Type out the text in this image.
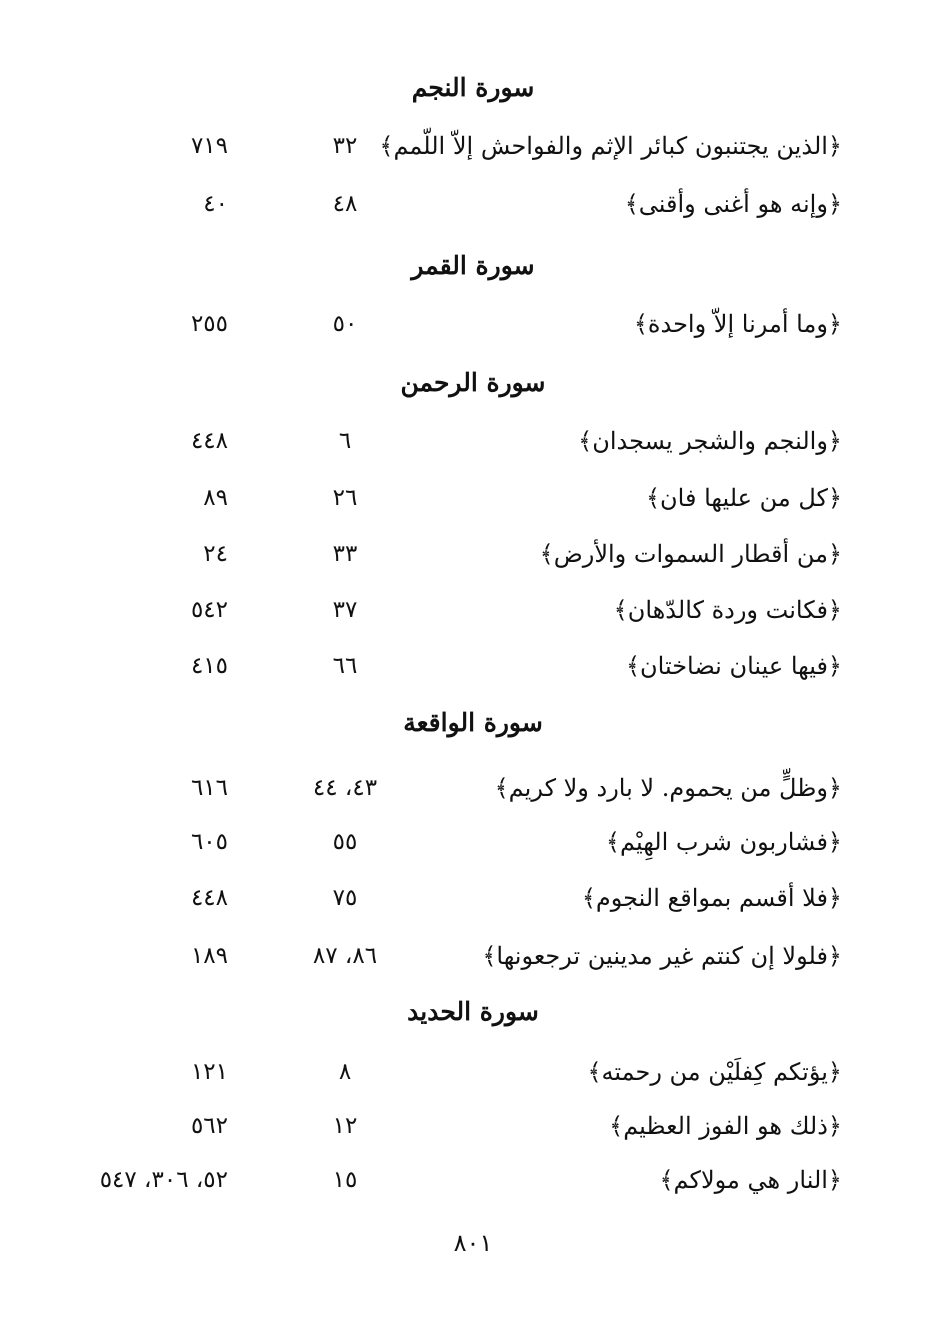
سورة النجم
﴿الذين يجتنبون كبائر الإثم والفواحش إلاّ اللّمم﴾
٣٢
٧١٩
﴿وإنه هو أغنى وأقنى﴾
٤٨
٤٠
سورة القمر
﴿وما أمرنا إلاّ واحدة﴾
٥٠
٢٥٥
سورة الرحمن
﴿والنجم والشجر يسجدان﴾
٦
٤٤٨
﴿كل من عليها فان﴾
٢٦
٨٩
﴿من أقطار السموات والأرض﴾
٣٣
٢٤
﴿فكانت وردة كالدّهان﴾
٣٧
٥٤٢
﴿فيها عينان نضاختان﴾
٦٦
٤١٥
سورة الواقعة
﴿وظلٍّ من يحموم. لا بارد ولا كريم﴾
٤٣، ٤٤
٦١٦
﴿فشاربون شرب الهِيْم﴾
٥٥
٦٠٥
﴿فلا أقسم بمواقع النجوم﴾
٧٥
٤٤٨
﴿فلولا إن كنتم غير مدينين ترجعونها﴾
٨٦، ٨٧
١٨٩
سورة الحديد
﴿يؤتكم كِفلَيْن من رحمته﴾
٨
١٢١
﴿ذلك هو الفوز العظيم﴾
١٢
٥٦٢
﴿النار هي مولاكم﴾
١٥
٥٢، ٣٠٦، ٥٤٧
٨٠١
